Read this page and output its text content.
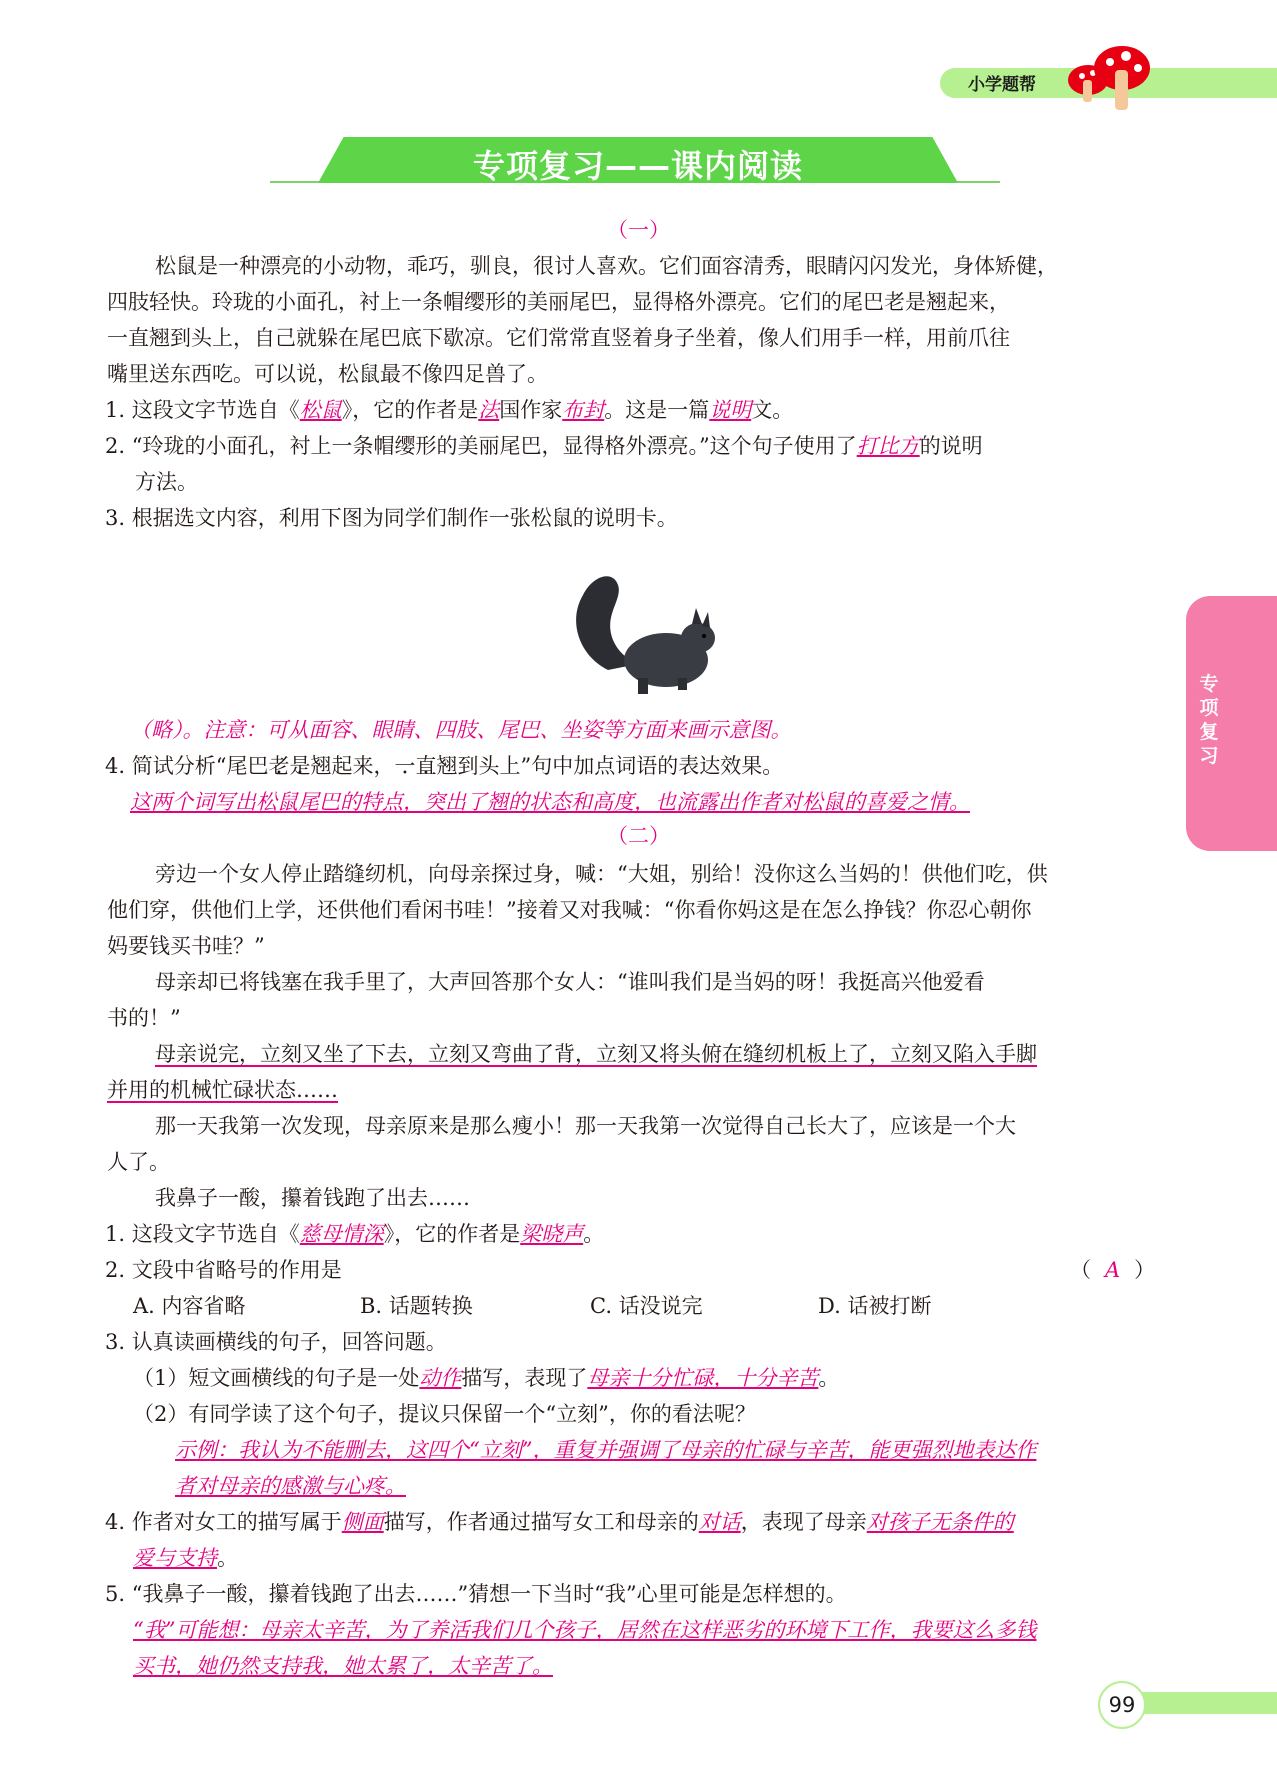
小学题帮
专项复习——课内阅读
专项复习
（一）
松鼠是一种漂亮的小动物，乖巧，驯良，很讨人喜欢。它们面容清秀，眼睛闪闪发光，身体矫健，
四肢轻快。玲珑的小面孔，衬上一条帽缨形的美丽尾巴，显得格外漂亮。它们的尾巴老是翘起来，
一直翘到头上，自己就躲在尾巴底下歇凉。它们常常直竖着身子坐着，像人们用手一样，用前爪往
嘴里送东西吃。可以说，松鼠最不像四足兽了。
1. 这段文字节选自《松鼠》，它的作者是法国作家布封。这是一篇说明文。
2. “玲珑的小面孔，衬上一条帽缨形的美丽尾巴，显得格外漂亮。”这个句子使用了打比方的说明
方法。
3. 根据选文内容，利用下图为同学们制作一张松鼠的说明卡。
（略）。注意：可从面容、眼睛、四肢、尾巴、坐姿等方面来画示意图。
4. 简试分析“尾巴老是翘起来，一直翘到头上”句中加点词语的表达效果。
这两个词写出松鼠尾巴的特点，突出了翘的状态和高度，也流露出作者对松鼠的喜爱之情。
（二）
旁边一个女人停止踏缝纫机，向母亲探过身，喊：“大姐，别给！没你这么当妈的！供他们吃，供
他们穿，供他们上学，还供他们看闲书哇！”接着又对我喊：“你看你妈这是在怎么挣钱？你忍心朝你
妈要钱买书哇？”
母亲却已将钱塞在我手里了，大声回答那个女人：“谁叫我们是当妈的呀！我挺高兴他爱看
书的！”
母亲说完，立刻又坐了下去，立刻又弯曲了背，立刻又将头俯在缝纫机板上了，立刻又陷入手脚
并用的机械忙碌状态……
那一天我第一次发现，母亲原来是那么瘦小！那一天我第一次觉得自己长大了，应该是一个大
人了。
我鼻子一酸，攥着钱跑了出去……
1. 这段文字节选自《慈母情深》，它的作者是梁晓声。
2. 文段中省略号的作用是	（ A ）
A. 内容省略	B. 话题转换	C. 话没说完	D. 话被打断
3. 认真读画横线的句子，回答问题。
（1）短文画横线的句子是一处动作描写，表现了母亲十分忙碌，十分辛苦。
（2）有同学读了这个句子，提议只保留一个“立刻”，你的看法呢？
示例：我认为不能删去，这四个“立刻”，重复并强调了母亲的忙碌与辛苦，能更强烈地表达作
者对母亲的感激与心疼。
4. 作者对女工的描写属于侧面描写，作者通过描写女工和母亲的对话，表现了母亲对孩子无条件的
爱与支持。
5. “我鼻子一酸，攥着钱跑了出去……”猜想一下当时“我”心里可能是怎样想的。
“我”可能想：母亲太辛苦，为了养活我们几个孩子，居然在这样恶劣的环境下工作，我要这么多钱
买书，她仍然支持我，她太累了，太辛苦了。
99
